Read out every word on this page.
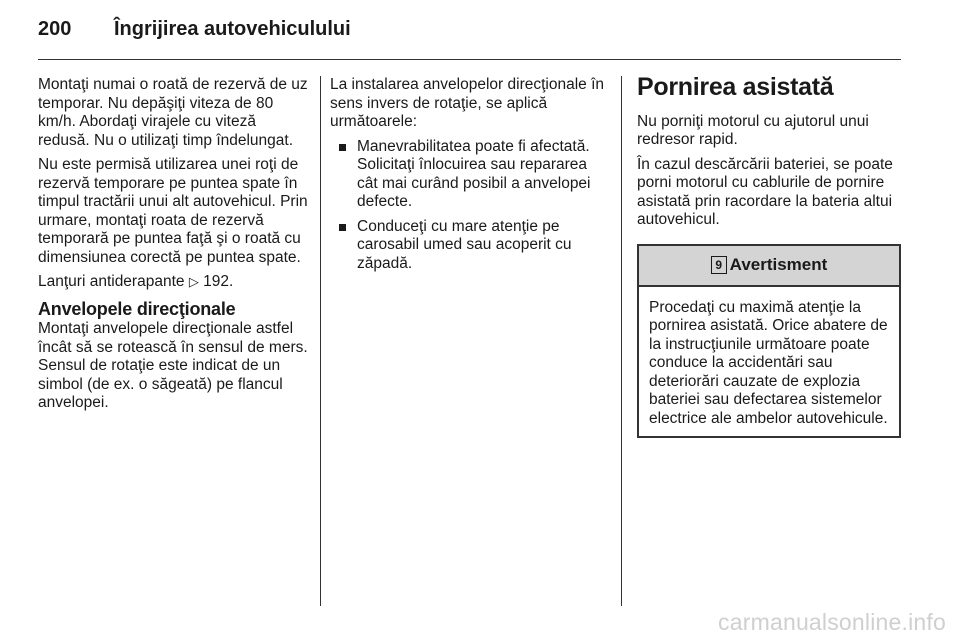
200 Îngrijirea autovehiculului

Montaţi numai o roată de rezervă de uz temporar. Nu depăşiţi viteza de 80 km/h. Abordaţi virajele cu viteză redusă. Nu o utilizaţi timp îndelungat.

Nu este permisă utilizarea unei roţi de rezervă temporare pe puntea spate în timpul tractării unui alt autovehicul. Prin urmare, montaţi roata de rezervă temporară pe puntea faţă şi o roată cu dimensiunea corectă pe puntea spate.

Lanţuri antiderapante ▷ 192.

Anvelopele direcţionale

Montaţi anvelopele direcţionale astfel încât să se rotească în sensul de mers. Sensul de rotaţie este indicat de un simbol (de ex. o săgeată) pe flancul anvelopei.

La instalarea anvelopelor direcţionale în sens invers de rotaţie, se aplică următoarele:

Manevrabilitatea poate fi afectată. Solicitaţi înlocuirea sau repararea cât mai curând posibil a anvelopei defecte.
Conduceţi cu mare atenţie pe carosabil umed sau acoperit cu zăpadă.
Pornirea asistată

Nu porniţi motorul cu ajutorul unui redresor rapid.

În cazul descărcării bateriei, se poate porni motorul cu cablurile de pornire asistată prin racordare la bateria altui autovehicul.

9 Avertisment
Procedaţi cu maximă atenţie la pornirea asistată. Orice abatere de la instrucţiunile următoare poate conduce la accidentări sau deteriorări cauzate de explozia bateriei sau defectarea sistemelor electrice ale ambelor autovehicule.
carmanualsonline.info
